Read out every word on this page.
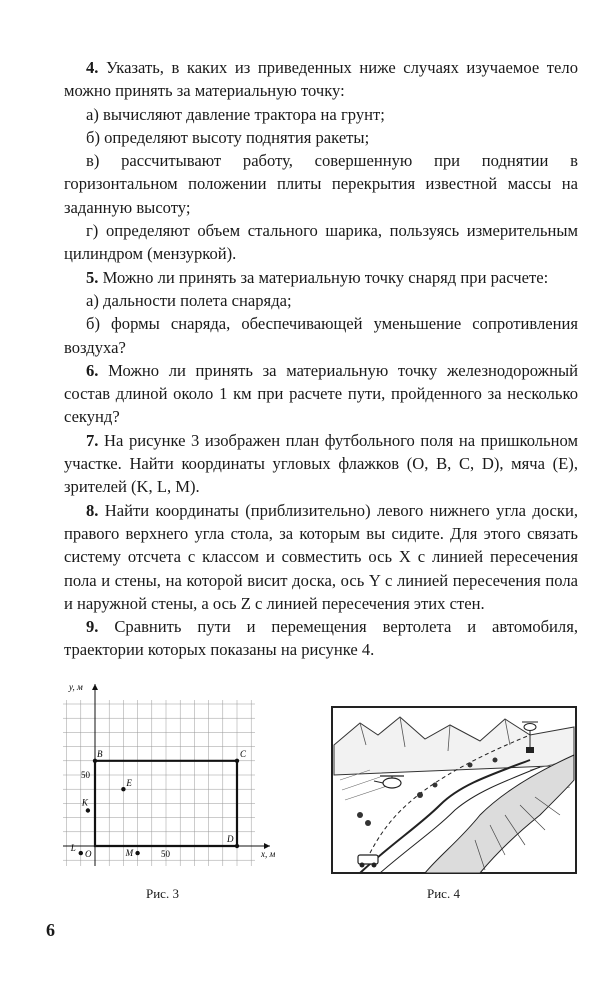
4. Указать, в каких из приведенных ниже случаях изучаемое тело можно принять за материальную точку:

а) вычисляют давление трактора на грунт;

б) определяют высоту поднятия ракеты;

в) рассчитывают работу, совершенную при поднятии в горизонтальном положении плиты перекрытия известной массы на заданную высоту;

г) определяют объем стального шарика, пользуясь измерительным цилиндром (мензуркой).

5. Можно ли принять за материальную точку снаряд при расчете:

а) дальности полета снаряда;

б) формы снаряда, обеспечивающей уменьшение сопротивления воздуха?

6. Можно ли принять за материальную точку железнодорожный состав длиной около 1 км при расчете пути, пройденного за несколько секунд?

7. На рисунке 3 изображен план футбольного поля на пришкольном участке. Найти координаты угловых флажков (O, B, C, D), мяча (E), зрителей (K, L, M).

8. Найти координаты (приблизительно) левого нижнего угла доски, правого верхнего угла стола, за которым вы сидите. Для этого связать систему отсчета с классом и совместить ось X с линией пересечения пола и стены, на которой висит доска, ось Y с линией пересечения пола и наружной стены, а ось Z с линией пересечения этих стен.

9. Сравнить пути и перемещения вертолета и автомобиля, траектории которых показаны на рисунке 4.

B	C
D
E
K
L	M
y, м
x, м
50
50
O
Рис. 3	Рис. 4
6
